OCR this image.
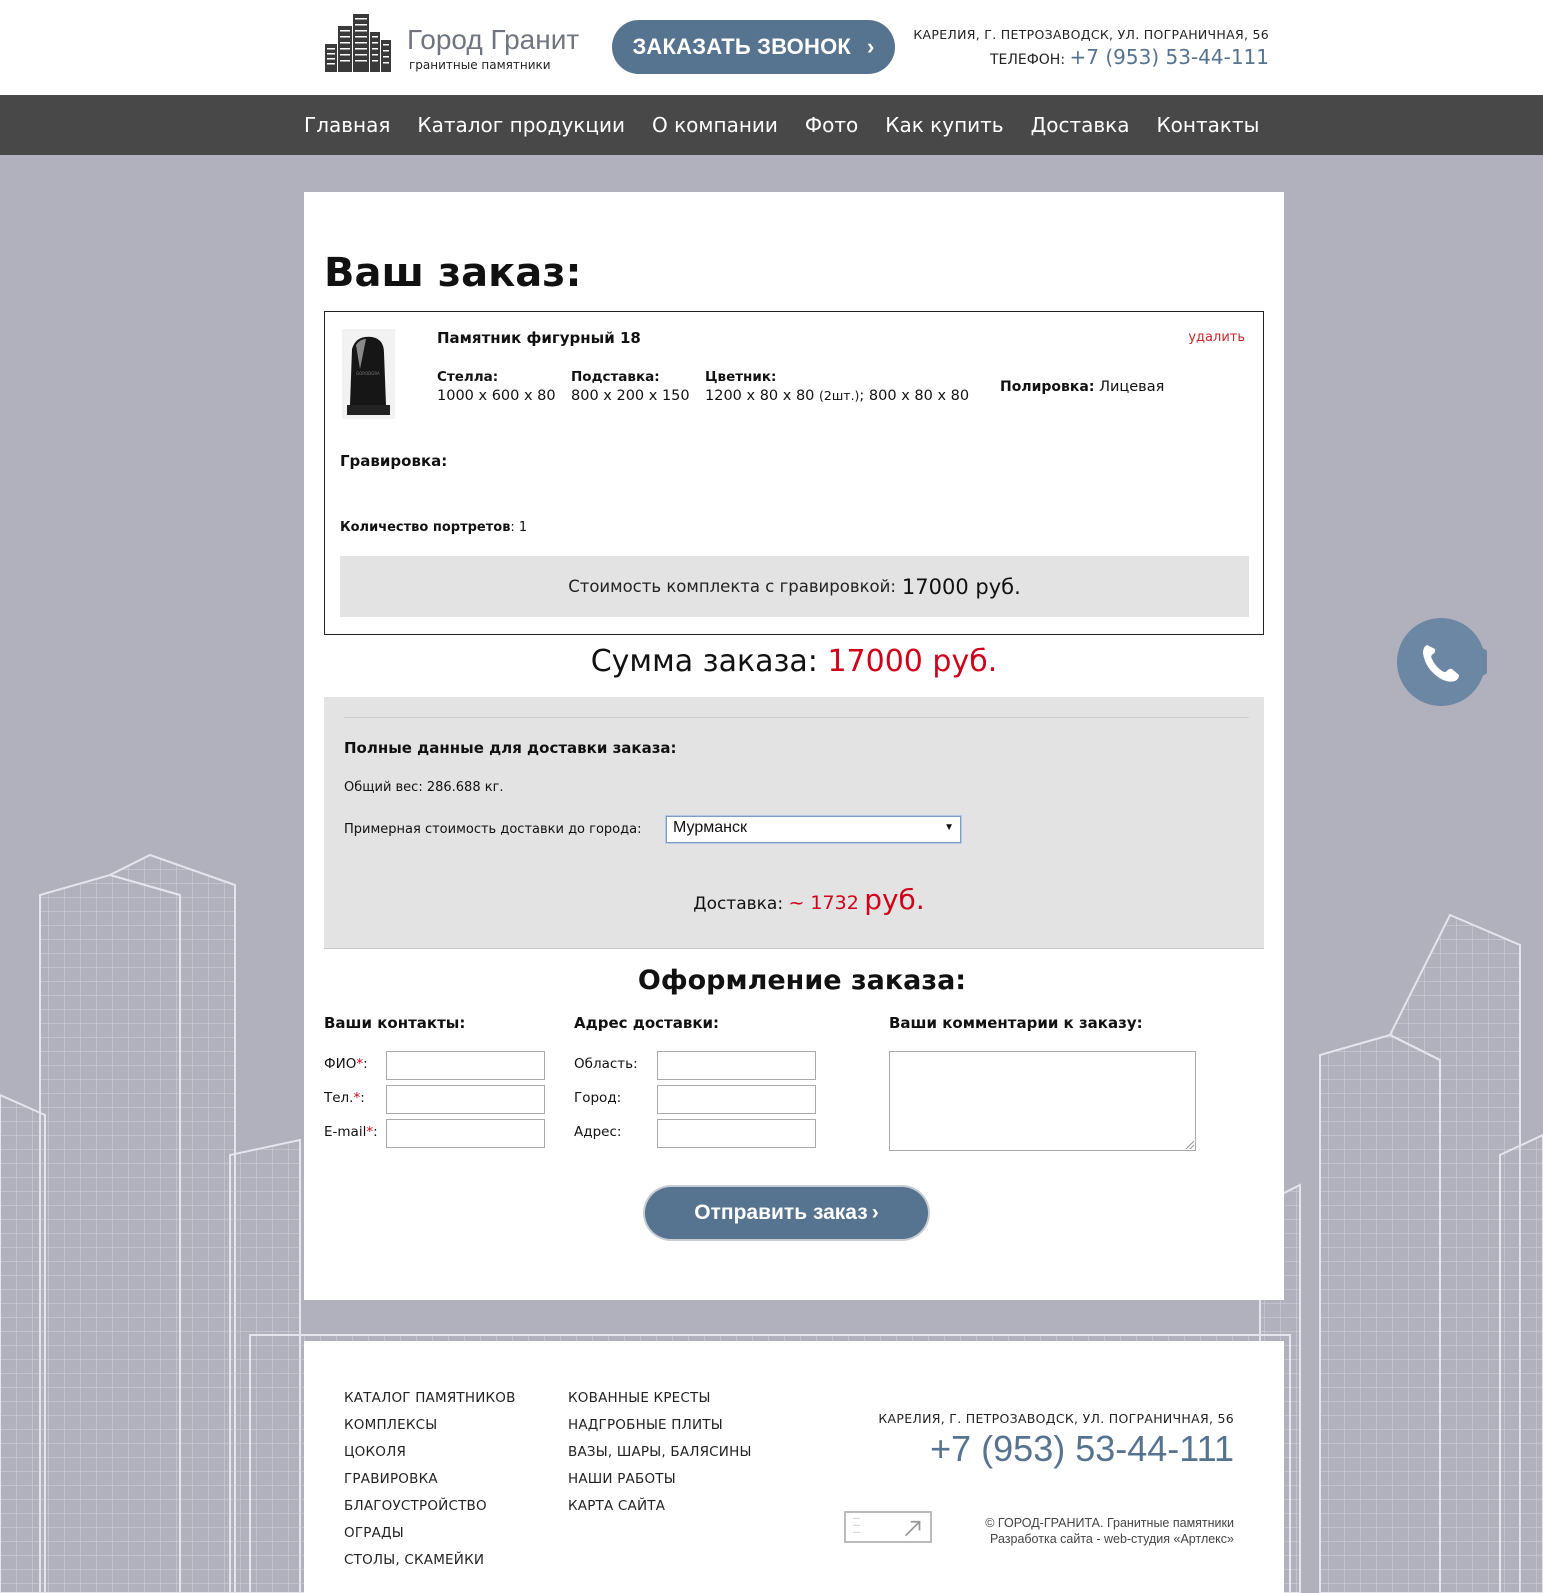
Город Гранит
гранитные памятники
ЗАКАЗАТЬ ЗВОНОК ›	КАРЕЛИЯ, Г. ПЕТРОЗАВОДСК, УЛ. ПОГРАНИЧНАЯ, 56
ТЕЛЕФОН: +7 (953) 53-44-111
Главная Каталог продукции О компании Фото Как купить Доставка Контакты
Ваш заказ:
GORODGRA
Памятник фигурный 18	удалить
Стелла:
1000 x 600 x 80
Подставка:
800 x 200 x 150
Цветник:
1200 x 80 x 80 (2шт.); 800 x 80 x 80
Полировка: Лицевая
Гравировка:
Количество портретов: 1
Стоимость комплекта с гравировкой: 17000 руб.
Сумма заказа: 17000 руб.
Полные данные для доставки заказа:
Общий вес: 286.688 кг.
Примерная стоимость доставки до города:	Мурманск	▼
Доставка: ~ 1732 руб.
Оформление заказа:
Ваши контакты:	Адрес доставки:	Ваши комментарии к заказу:
ФИО*:
Тел.*:
E-mail*:
Область:
Город:
Адрес:
Отправить заказ ›
КАТАЛОГ ПАМЯТНИКОВ
КОМПЛЕКСЫ
ЦОКОЛЯ
ГРАВИРОВКА
БЛАГОУСТРОЙСТВО
ОГРАДЫ
СТОЛЫ, СКАМЕЙКИ
КОВАННЫЕ КРЕСТЫ
НАДГРОБНЫЕ ПЛИТЫ
ВАЗЫ, ШАРЫ, БАЛЯСИНЫ
НАШИ РАБОТЫ
КАРТА САЙТА
КАРЕЛИЯ, Г. ПЕТРОЗАВОДСК, УЛ. ПОГРАНИЧНАЯ, 56
+7 (953) 53-44-111
© ГОРОД-ГРАНИТА. Гранитные памятники
Разработка сайта - web-студия «Артлекс»
